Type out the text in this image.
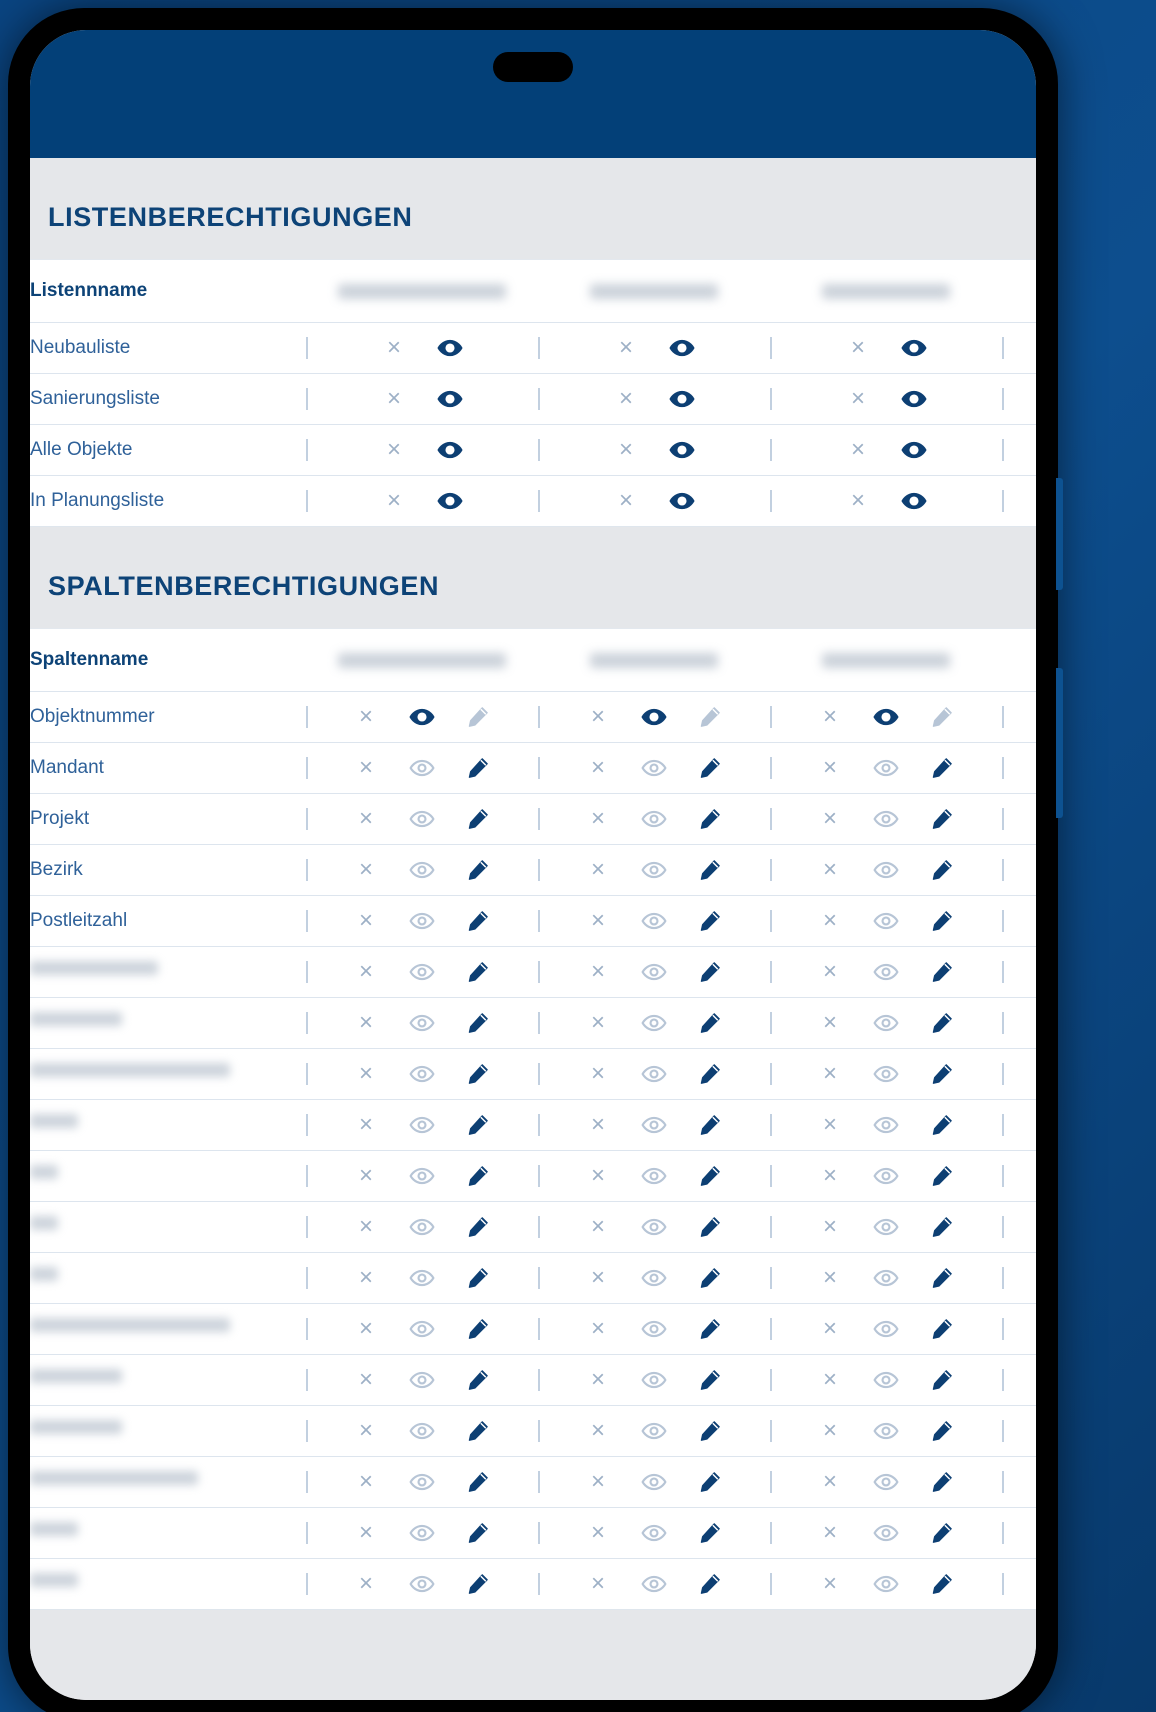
LISTENBERECHTIGUNGEN
Listennname				
Neubauliste	×	×	×	

Sanierungsliste	×	×	×	

Alle Objekte	×	×	×	

In Planungsliste	×	×	×	

SPALTENBERECHTIGUNGEN
Spaltenname				
Objektnummer	×	×	×	

Mandant	×	×	×	

Projekt	×	×	×	

Bezirk	×	×	×	

Postleitzahl	×	×	×	

	×	×	×	

	×	×	×	

	×	×	×	

	×	×	×	

	×	×	×	

	×	×	×	

	×	×	×	

	×	×	×	

	×	×	×	

	×	×	×	

	×	×	×	

	×	×	×	

	×	×	×	
